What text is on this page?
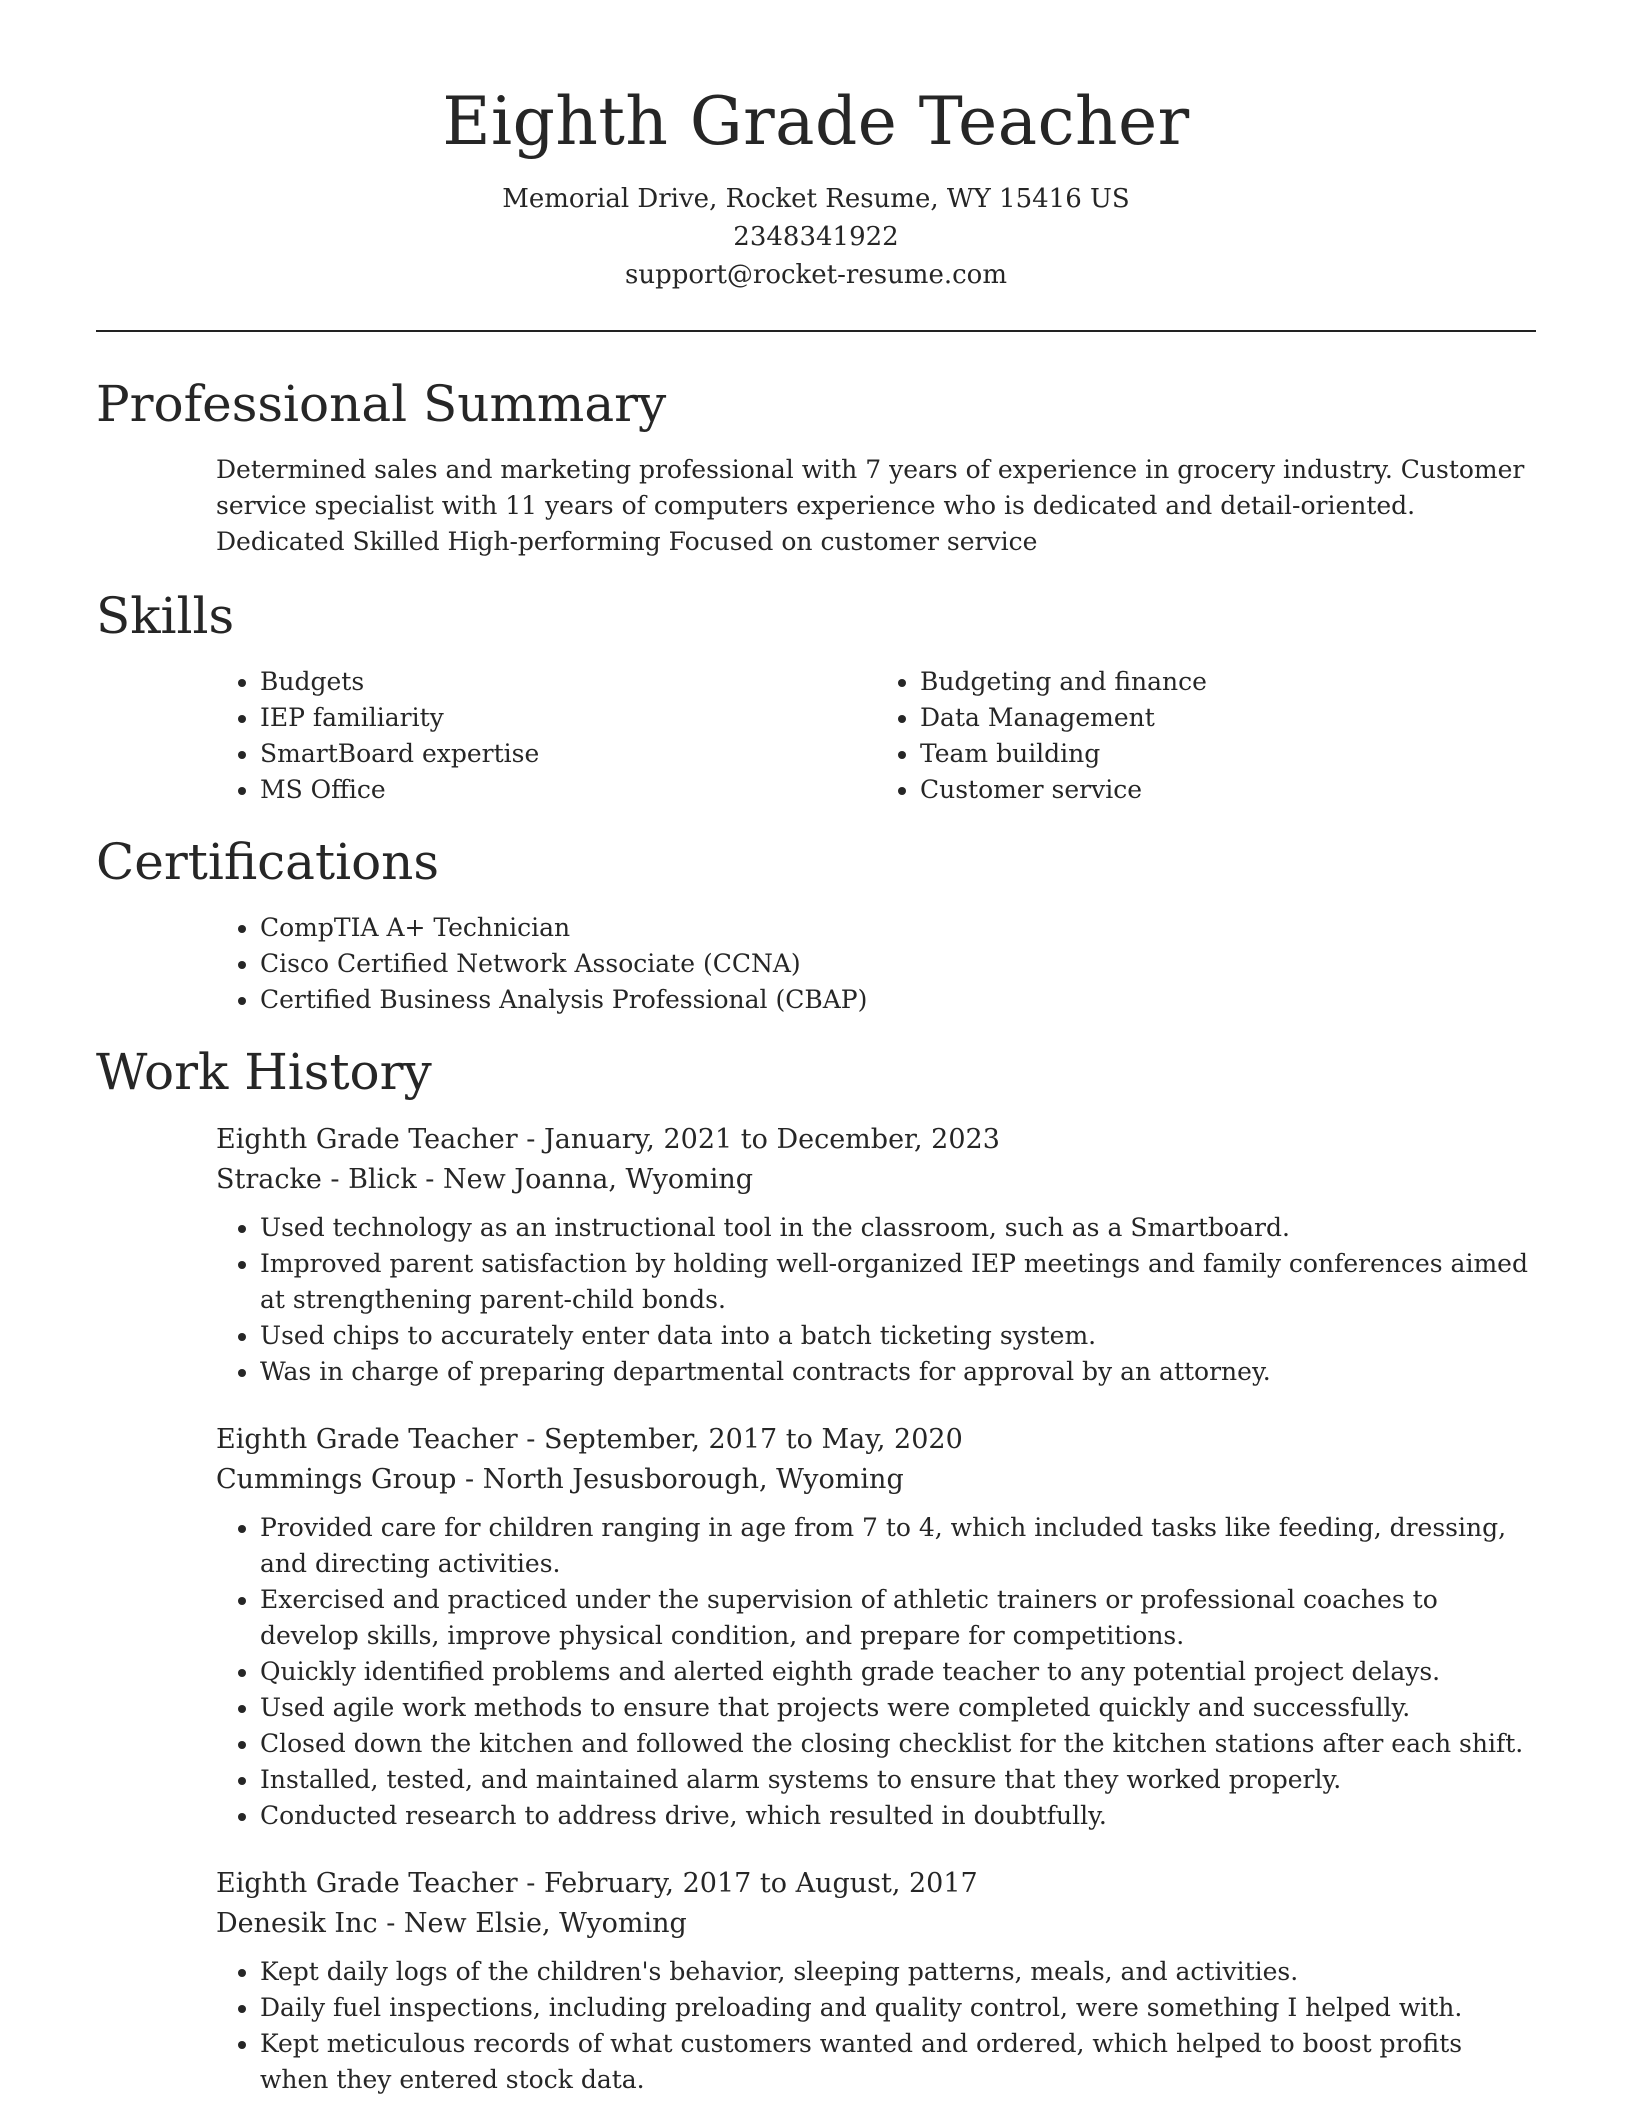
Eighth Grade Teacher
Memorial Drive, Rocket Resume, WY 15416 US
2348341922
support@rocket-resume.com
Professional Summary

Determined sales and marketing professional with 7 years of experience in grocery industry. Customer service specialist with 11 years of computers experience who is dedicated and detail-oriented. Dedicated Skilled High-performing Focused on customer service

Skills
• Budgets
• IEP familiarity
• SmartBoard expertise
• MS Office
• Budgeting and finance
• Data Management
• Team building
• Customer service
Certifications
• CompTIA A+ Technician
• Cisco Certified Network Associate (CCNA)
• Certified Business Analysis Professional (CBAP)
Work History
Eighth Grade Teacher - January, 2021 to December, 2023
Stracke - Blick - New Joanna, Wyoming
• Used technology as an instructional tool in the classroom, such as a Smartboard.
• Improved parent satisfaction by holding well-organized IEP meetings and family conferences aimed at strengthening parent-child bonds.
• Used chips to accurately enter data into a batch ticketing system.
• Was in charge of preparing departmental contracts for approval by an attorney.
Eighth Grade Teacher - September, 2017 to May, 2020
Cummings Group - North Jesusborough, Wyoming
• Provided care for children ranging in age from 7 to 4, which included tasks like feeding, dressing, and directing activities.
• Exercised and practiced under the supervision of athletic trainers or professional coaches to develop skills, improve physical condition, and prepare for competitions.
• Quickly identified problems and alerted eighth grade teacher to any potential project delays.
• Used agile work methods to ensure that projects were completed quickly and successfully.
• Closed down the kitchen and followed the closing checklist for the kitchen stations after each shift.
• Installed, tested, and maintained alarm systems to ensure that they worked properly.
• Conducted research to address drive, which resulted in doubtfully.
Eighth Grade Teacher - February, 2017 to August, 2017
Denesik Inc - New Elsie, Wyoming
• Kept daily logs of the children's behavior, sleeping patterns, meals, and activities.
• Daily fuel inspections, including preloading and quality control, were something I helped with.
• Kept meticulous records of what customers wanted and ordered, which helped to boost profits when they entered stock data.
